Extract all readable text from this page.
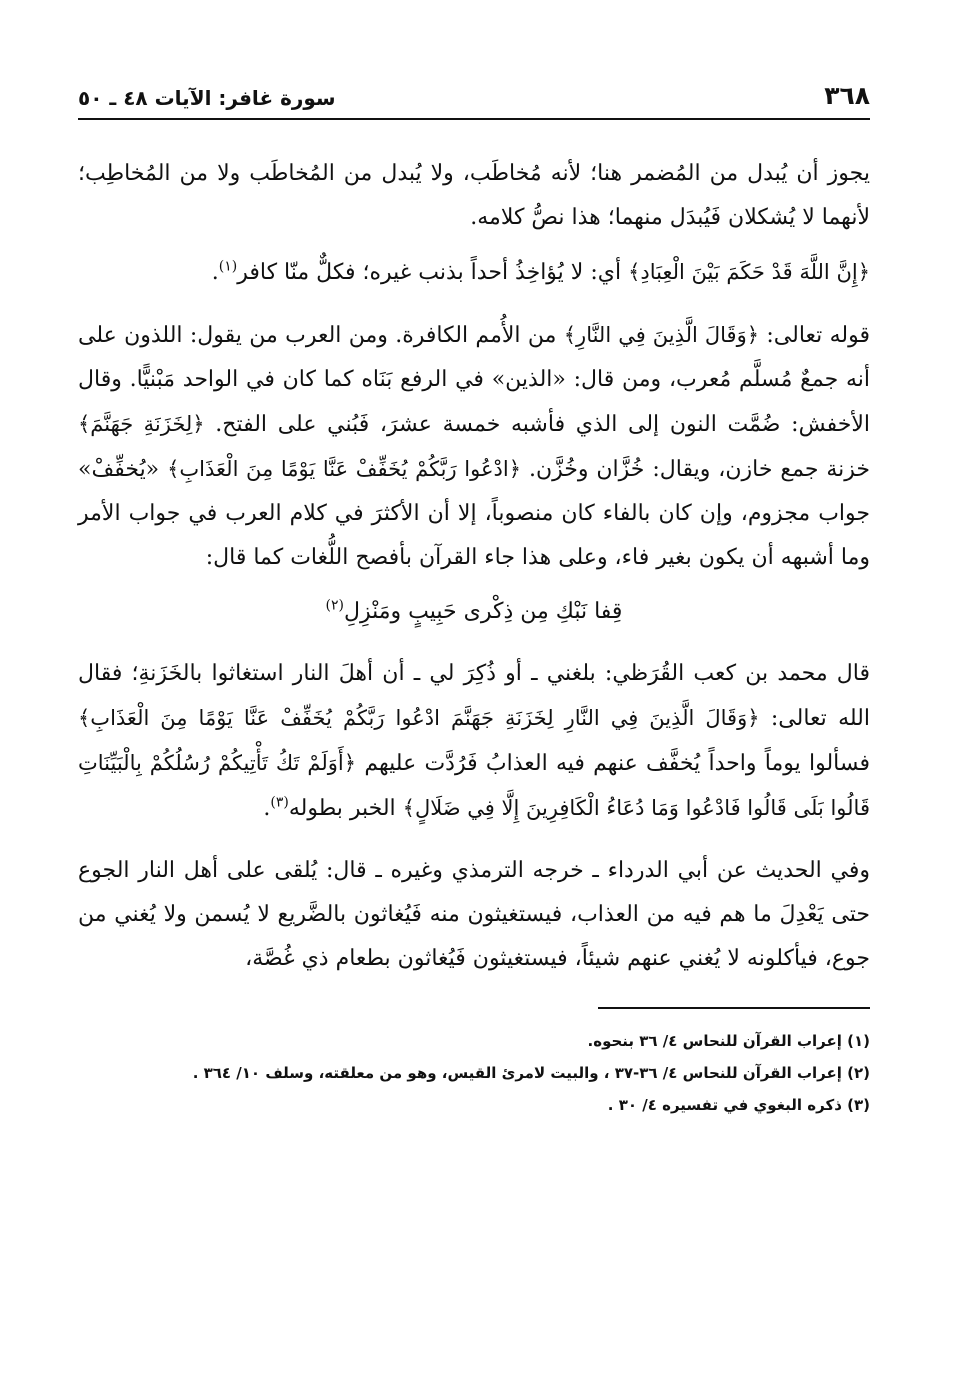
٣٦٨
سورة غافر: الآيات ٤٨ ـ ٥٠

يجوز أن يُبدل من المُضمر هنا؛ لأنه مُخاطَب، ولا يُبدل من المُخاطَب ولا من المُخاطِب؛ لأنهما لا يُشكلان فَيُبدَل منهما؛ هذا نصُّ كلامه.

﴿إِنَّ اللَّهَ قَدْ حَكَمَ بَيْنَ الْعِبَادِ﴾ أي: لا يُؤاخِذُ أحداً بذنب غيره؛ فكلٌّ منّا كافر$^{(١)}$.

قوله تعالى: ﴿وَقَالَ الَّذِينَ فِي النَّارِ﴾ من الأُمم الكافرة. ومن العرب من يقول: اللذون على أنه جمعٌ مُسلَّم مُعرب، ومن قال: «الذين» في الرفع بَنَاه كما كان في الواحد مَبْنيًّا. وقال الأخفش: ضُمَّت النون إلى الذي فأشبه خمسة عشرَ، فَبُني على الفتح. ﴿لِخَزَنَةِ جَهَنَّمَ﴾ خزنة جمع خازن، ويقال: خُزَّان وخُزَّن. ﴿ادْعُوا رَبَّكُمْ يُخَفِّفْ عَنَّا يَوْمًا مِنَ الْعَذَابِ﴾ «يُخفِّفْ» جواب مجزوم، وإن كان بالفاء كان منصوباً، إلا أن الأكثرَ في كلام العرب في جواب الأمر وما أشبهه أن يكون بغير فاء، وعلى هذا جاء القرآن بأفصح اللُّغات كما قال:

قِفا نَبْكِ مِن ذِكْرى حَبِيبٍ ومَنْزِلِ$^{(٢)}$

قال محمد بن كعب القُرَظي: بلغني ـ أو ذُكِرَ لي ـ أن أهلَ النار استغاثوا بالخَزَنةِ؛ فقال الله تعالى: ﴿وَقَالَ الَّذِينَ فِي النَّارِ لِخَزَنَةِ جَهَنَّمَ ادْعُوا رَبَّكُمْ يُخَفِّفْ عَنَّا يَوْمًا مِنَ الْعَذَابِ﴾ فسألوا يوماً واحداً يُخفَّف عنهم فيه العذابُ فَرُدَّت عليهم ﴿أَوَلَمْ تَكُ تَأْتِيكُمْ رُسُلُكُمْ بِالْبَيِّنَاتِ قَالُوا بَلَى قَالُوا فَادْعُوا وَمَا دُعَاءُ الْكَافِرِينَ إِلَّا فِي ضَلَالٍ﴾ الخبر بطوله$^{(٣)}$.

وفي الحديث عن أبي الدرداء ـ خرجه الترمذي وغيره ـ قال: يُلقى على أهل النار الجوع حتى يَعْدِلَ ما هم فيه من العذاب، فيستغيثون منه فَيُغاثون بالضَّريع لا يُسمن ولا يُغني من جوع، فيأكلونه لا يُغني عنهم شيئاً، فيستغيثون فَيُغاثون بطعام ذي غُصَّة،

(١) إعراب القرآن للنحاس ٤/ ٣٦ بنحوه.

(٢) إعراب القرآن للنحاس ٤/ ٣٦-٣٧ ، والبيت لامرئ القيس، وهو من معلقته، وسلف ١٠/ ٣٦٤ .

(٣) ذكره البغوي في تفسيره ٤/ ٣٠ .
